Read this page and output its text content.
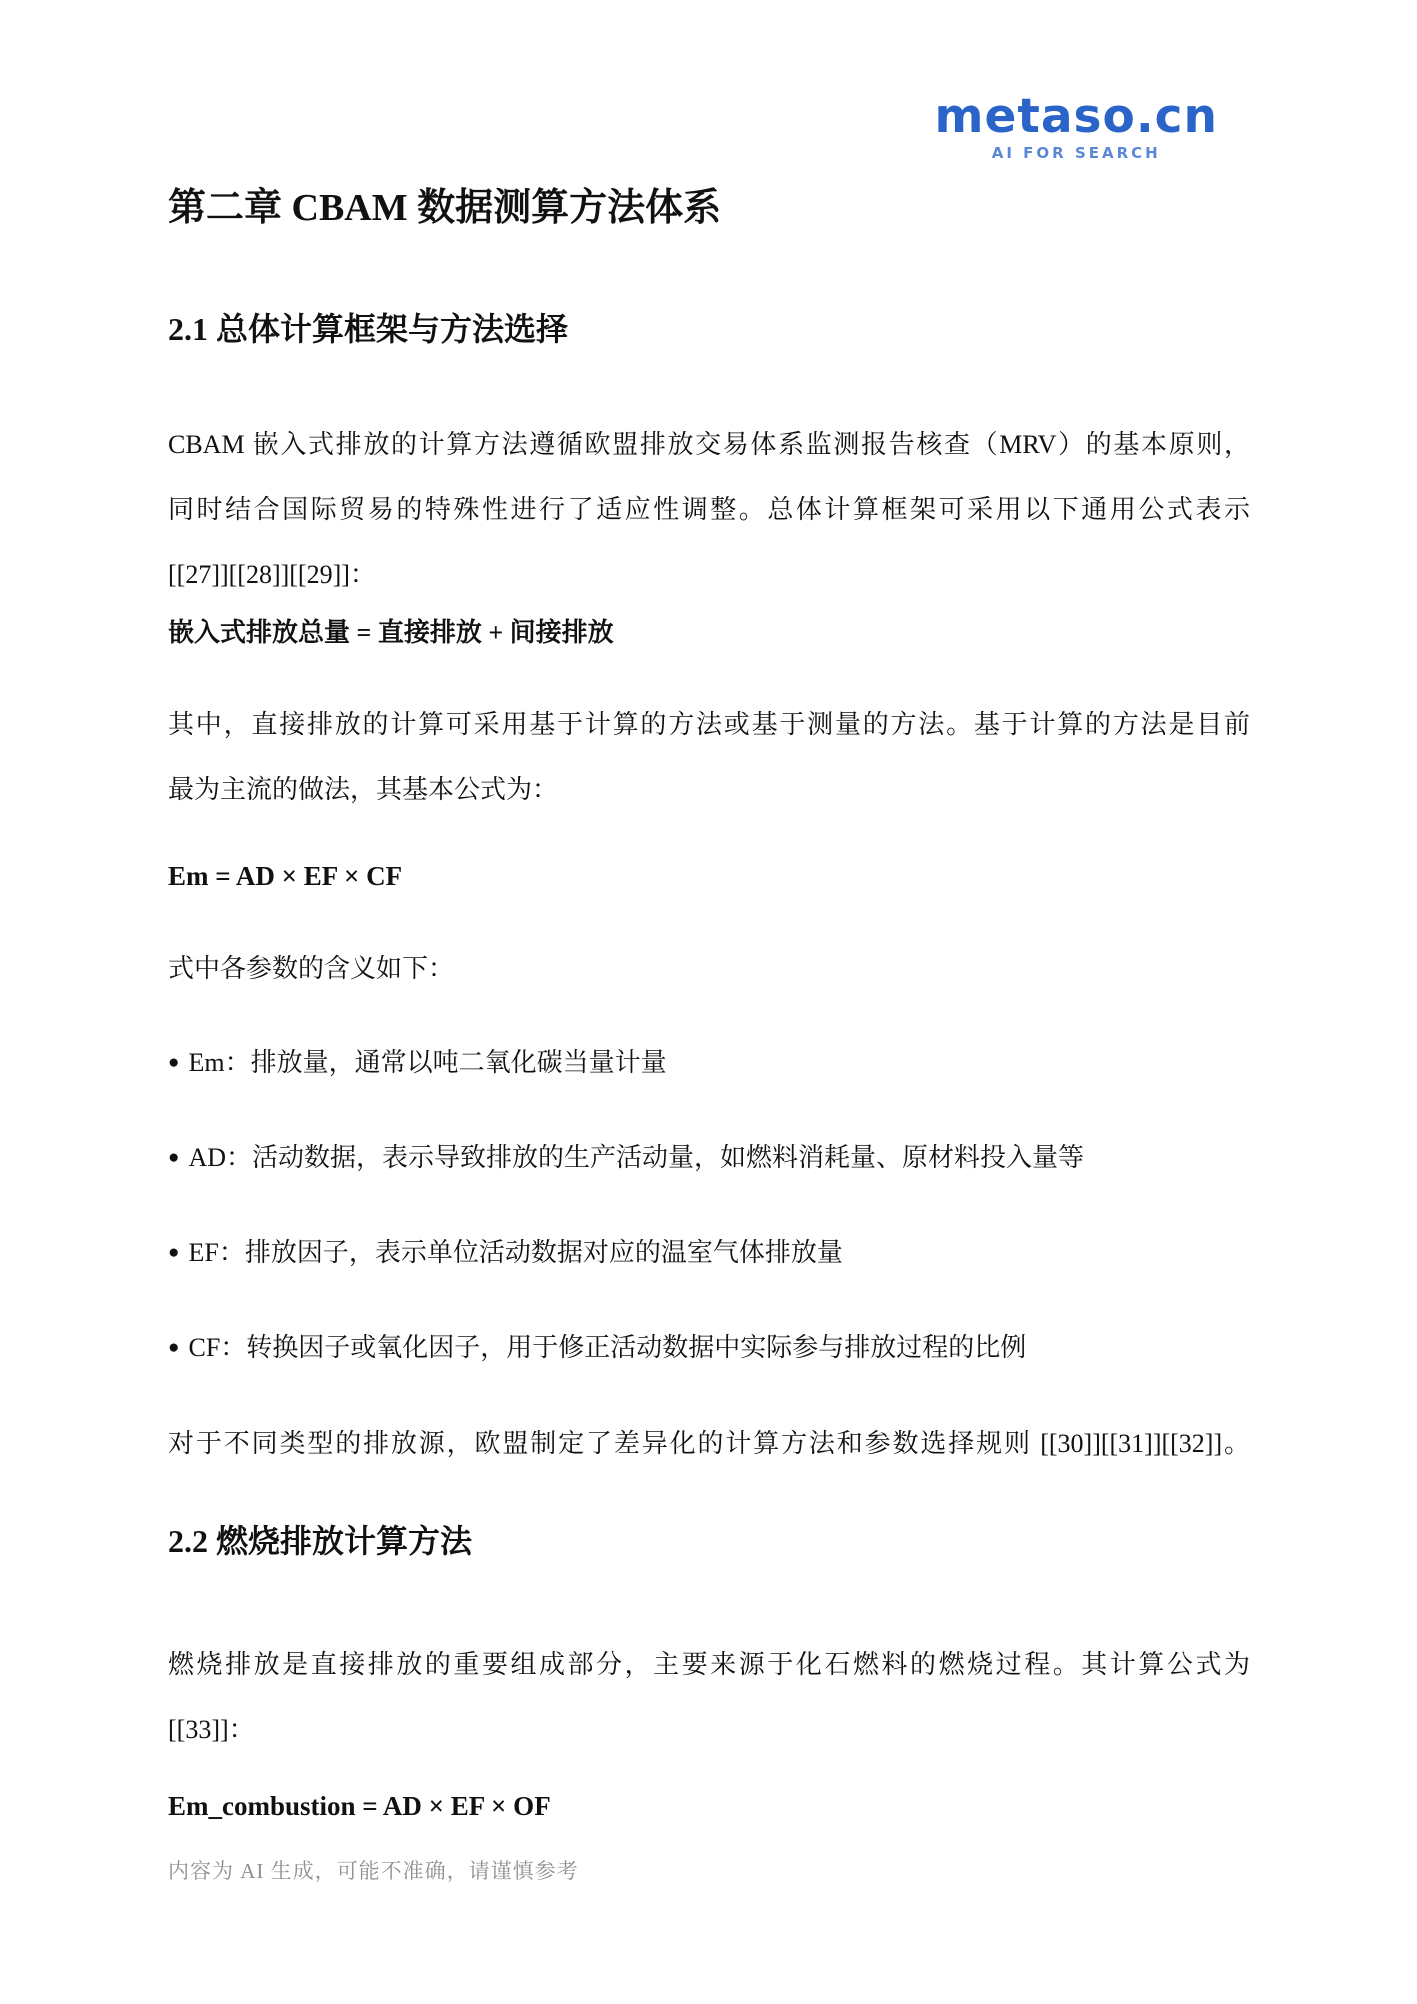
metaso.cn
AI FOR SEARCH
第二章 CBAM 数据测算方法体系
2.1 总体计算框架与方法选择
CBAM 嵌入式排放的计算方法遵循欧盟排放交易体系监测报告核查（MRV）的基本原则，
同时结合国际贸易的特殊性进行了适应性调整。总体计算框架可采用以下通用公式表示
[[27]][[28]][[29]]：
嵌入式排放总量 = 直接排放 + 间接排放
其中，直接排放的计算可采用基于计算的方法或基于测量的方法。基于计算的方法是目前
最为主流的做法，其基本公式为：
Em = AD × EF × CF
式中各参数的含义如下：
● Em：排放量，通常以吨二氧化碳当量计量
● AD：活动数据，表示导致排放的生产活动量，如燃料消耗量、原材料投入量等
● EF：排放因子，表示单位活动数据对应的温室气体排放量
● CF：转换因子或氧化因子，用于修正活动数据中实际参与排放过程的比例
对于不同类型的排放源，欧盟制定了差异化的计算方法和参数选择规则 [[30]][[31]][[32]]。
2.2 燃烧排放计算方法
燃烧排放是直接排放的重要组成部分，主要来源于化石燃料的燃烧过程。其计算公式为
[[33]]：
Em_combustion = AD × EF × OF
内容为 AI 生成，可能不准确，请谨慎参考
